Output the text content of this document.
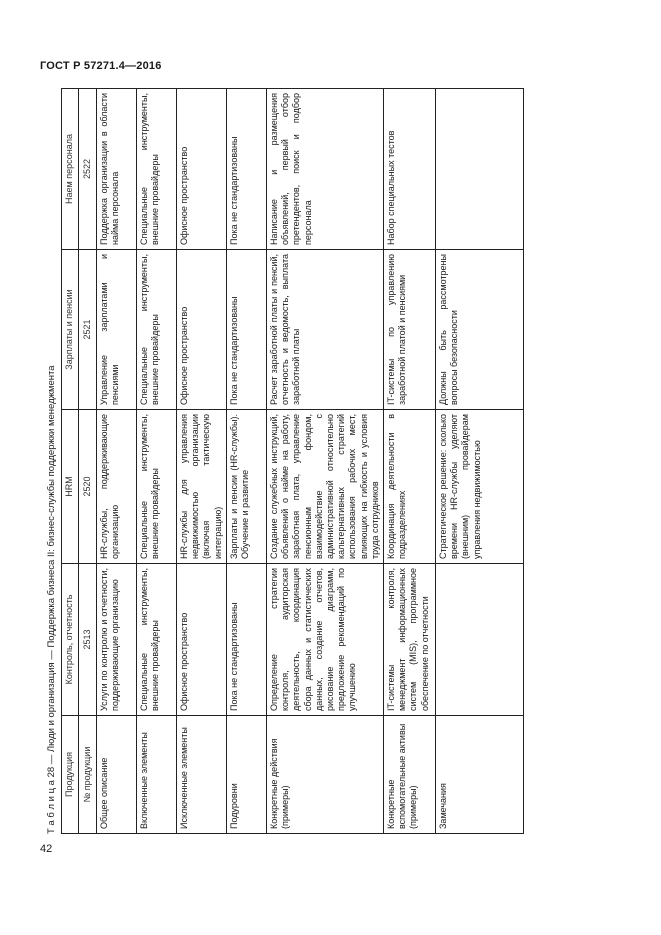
ГОСТ Р 57271.4—2016
Т а б л и ц а 28 — Люди и организация — Поддержка бизнеса II: бизнес-службы поддержки менеджмента Продукция	Контроль, отчетность	HRM	Зарплаты и пенсии	Наем персонала
№ продукции	2513	2520	2521	2522
Общее описание	Услуги по контролю и отчетности, поддерживающие организацию	HR-службы, поддерживающие организацию	Управление зарплатами и пенсиями	Поддержка организации в области найма персонала
Включенные элементы	Специальные инструменты, внешние провайдеры	Специальные инструменты, внешние провайдеры	Специальные инструменты, внешние провайдеры	Специальные инструменты, внешние провайдеры
Исключенные элементы	Офисное пространство	HR-службы для управления недвижимостью организации (включая тактическую интеграцию)	Офисное пространство	Офисное пространство
Подуровни	Пока не стандартизованы	Зарплаты и пенсии (HR-службы). Обучение и развитие	Пока не стандартизованы	Пока не стандартизованы
Конкретные действия (примеры)	Определение стратегии контроля, аудиторская деятельность, координация сбора данных и статистических данных, создание отчетов, рисование диаграмм, предложение рекомендаций по улучшению	Создание служебных инструкций, объявлений о найме на работу, заработная плата, управление пенсионным фондом, взаимодействие с административной относительно кальтернативных стратегий использования рабочих мест, влияющих на гибкость и условия труда сотрудников	Расчет заработной платы и пенсий, отчетность и ведомость, выплата заработной платы	Написание и размещения объявлений, первый отбор претендентов, поиск и подбор персонала
Конкретные вспомогательные активы (примеры)	IT-системы контроля, менеджмент информационных систем (MIS), программное обеспечение по отчетности	Координация деятельности в подразделениях	IT-системы по управлению заработной платой и пенсиями	Набор специальных тестов
Замечания		Стратегическое решение: сколько времени HR-службы уделяют (внешним) провайдерам управления недвижимостью	Должны быть рассмотрены вопросы безопасности	
42
